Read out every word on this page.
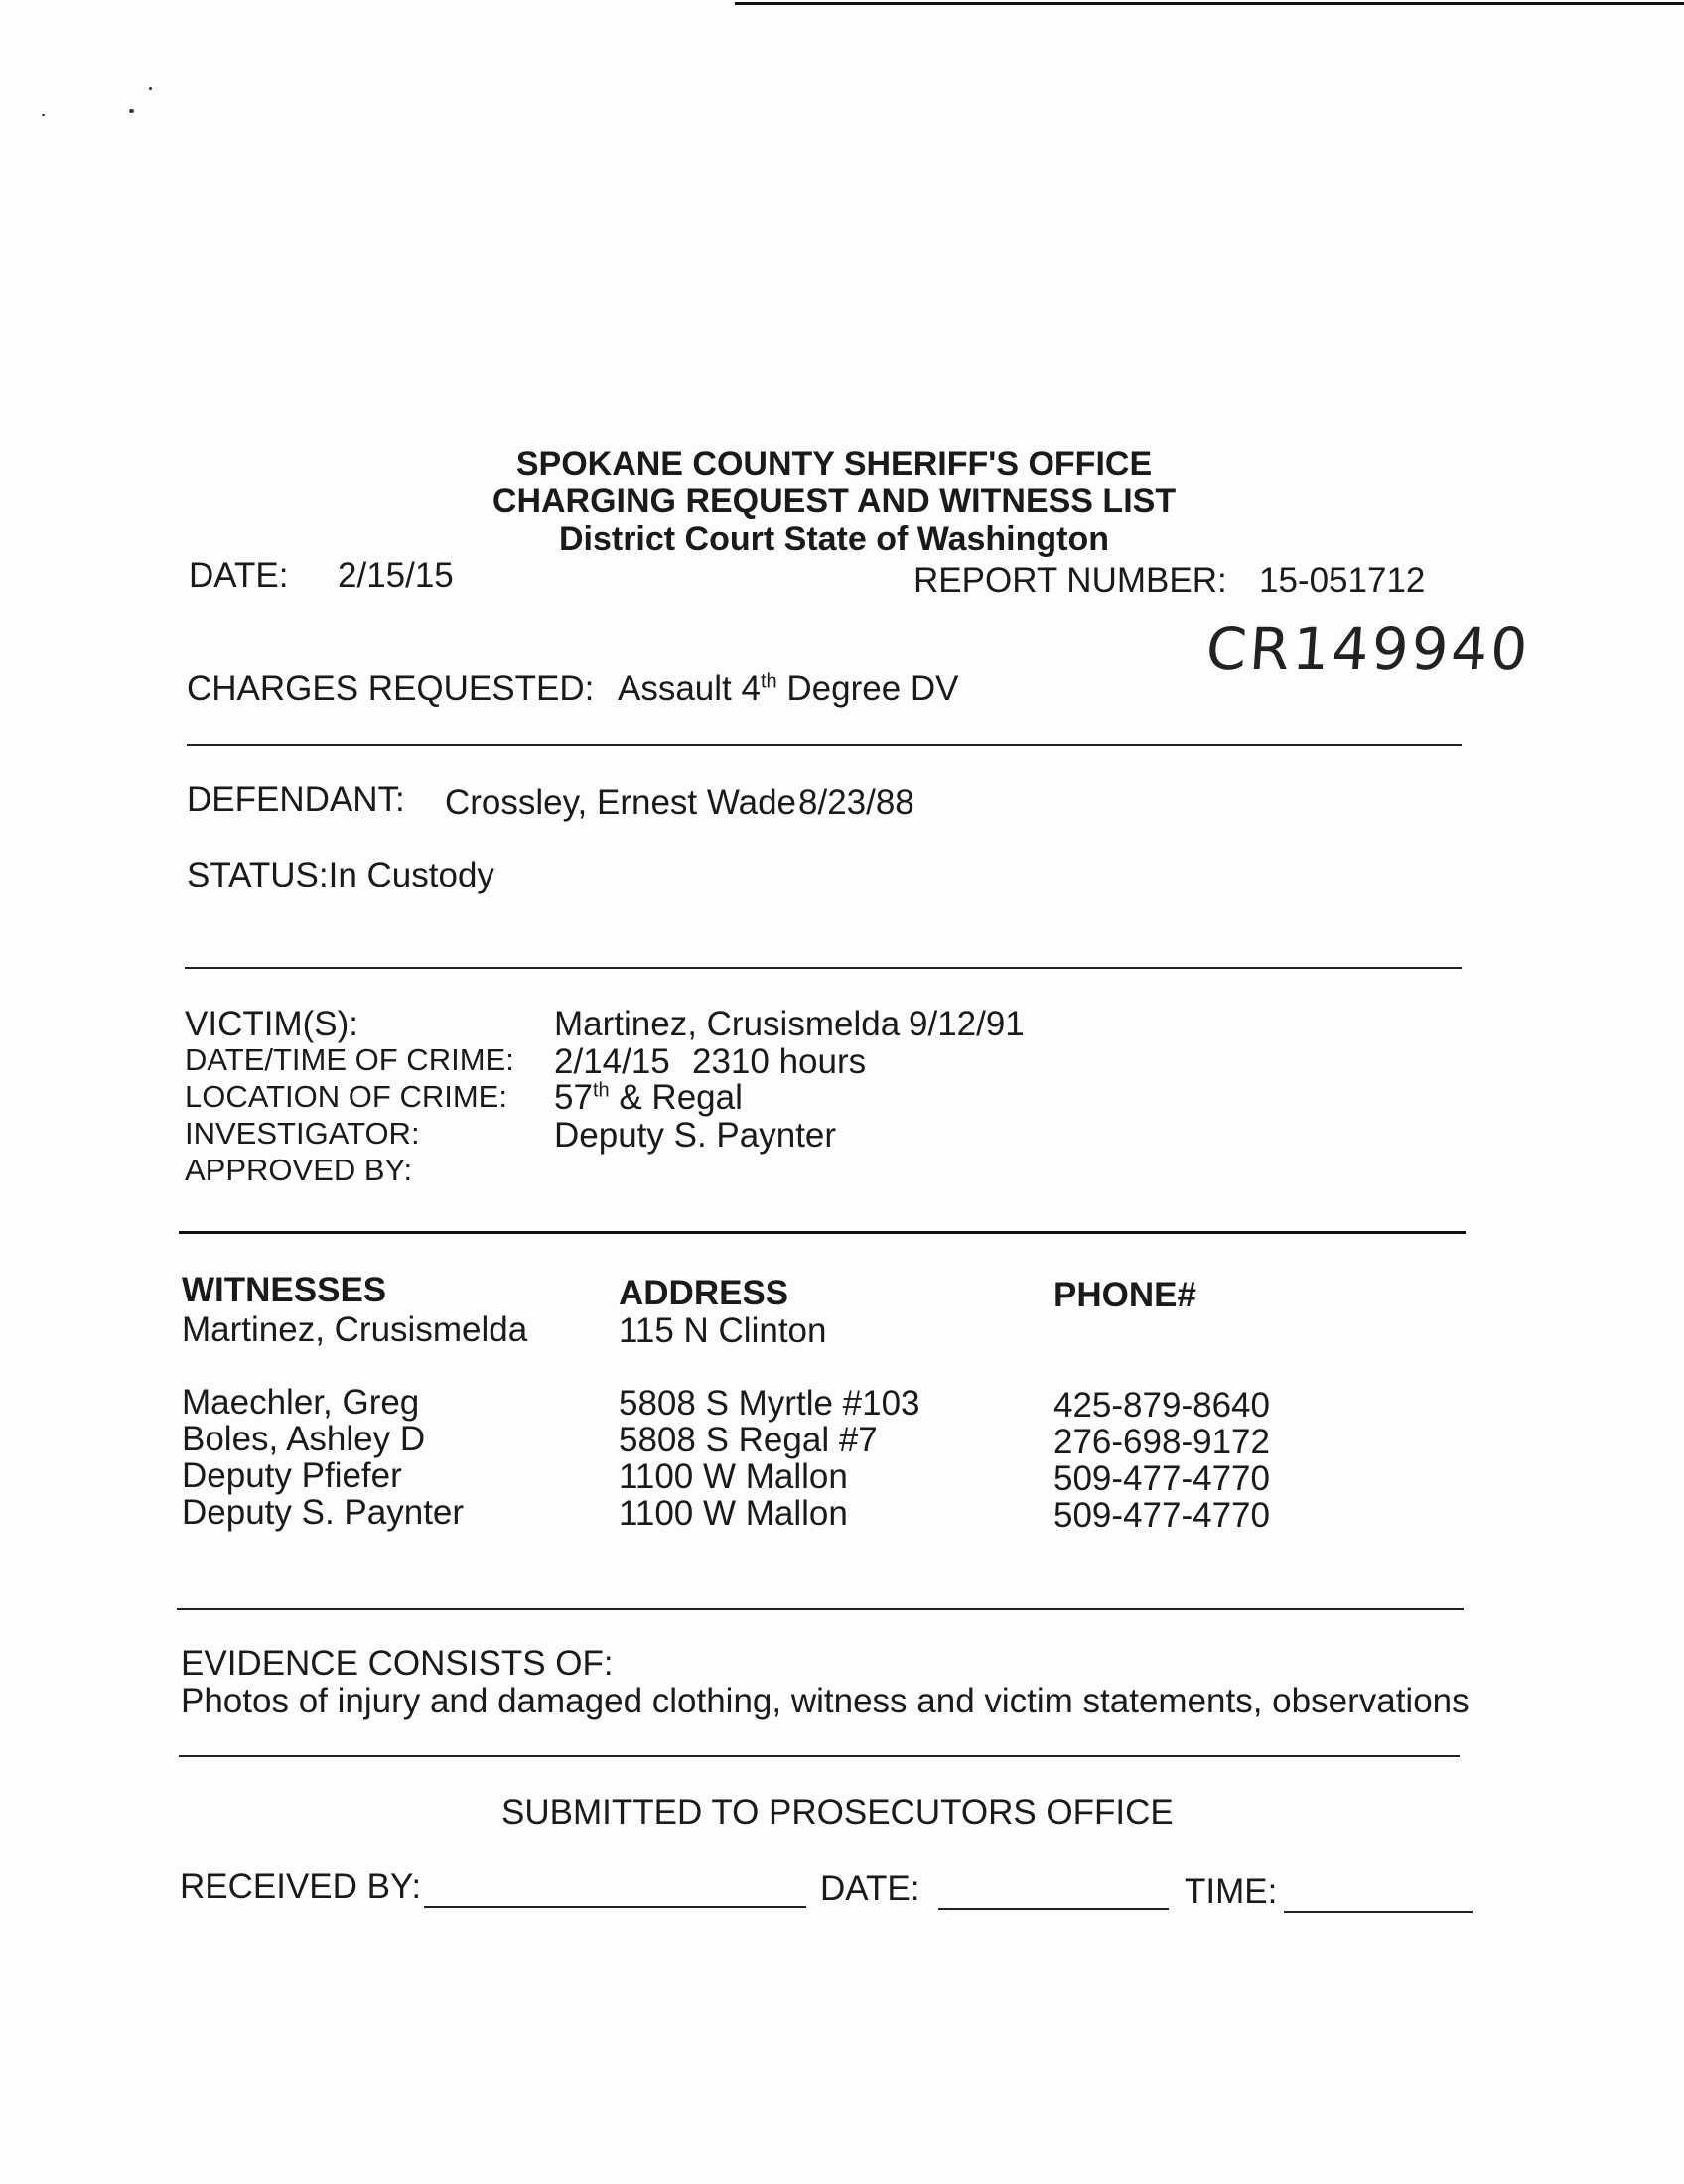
SPOKANE COUNTY SHERIFF'S OFFICE
CHARGING REQUEST AND WITNESS LIST
District Court State of Washington
DATE: 2/15/15	REPORT NUMBER: 15-051712
CR149940
CHARGES REQUESTED: Assault 4th Degree DV
DEFENDANT: Crossley, Ernest Wade 8/23/88
STATUS:In Custody
VICTIM(S):	Martinez, Crusismelda 9/12/91
DATE/TIME OF CRIME: 2/14/15 2310 hours
LOCATION OF CRIME: 57th & Regal
INVESTIGATOR:	Deputy S. Paynter
APPROVED BY:
WITNESSES	ADDRESS	PHONE#
Martinez, Crusismelda	115 N Clinton
Maechler, Greg	5808 S Myrtle #103	425-879-8640
Boles, Ashley D	5808 S Regal #7	276-698-9172
Deputy Pfiefer	1100 W Mallon	509-477-4770
Deputy S. Paynter	1100 W Mallon	509-477-4770
EVIDENCE CONSISTS OF:
Photos of injury and damaged clothing, witness and victim statements, observations
SUBMITTED TO PROSECUTORS OFFICE
RECEIVED BY:	DATE:	TIME:
